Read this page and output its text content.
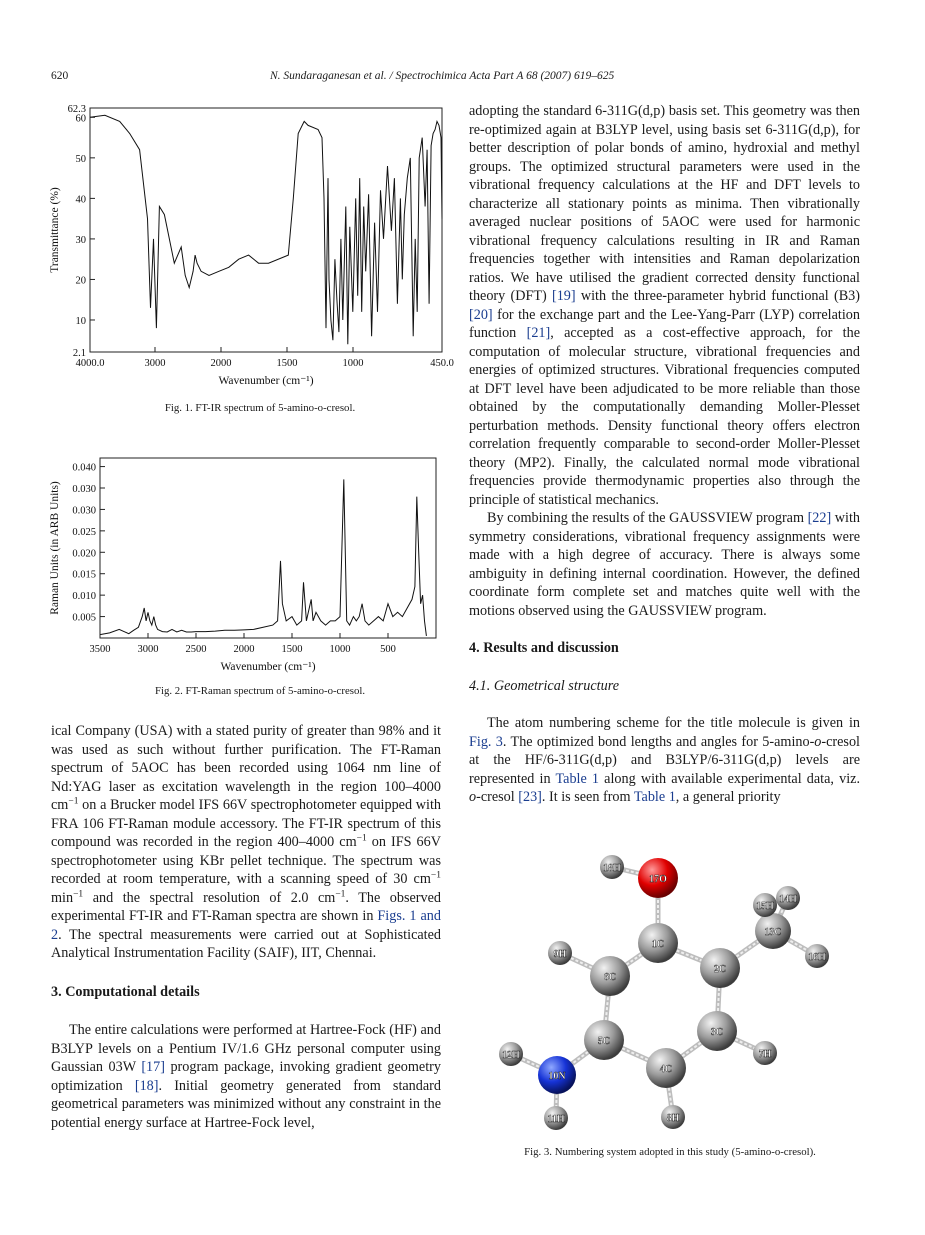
620	N. Sundaraganesan et al. / Spectrochimica Acta Part A 68 (2007) 619–625
62.3
60
50
40
30
20
10
2.1
4000.0	3000	2000	1500	1000	450.0
Wavenumber (cm⁻¹)
Transmittance (%)
Fig. 1. FT-IR spectrum of 5-amino-o-cresol.
0.040
0.030
0.030
0.025
0.020
0.015
0.010
0.005
3500	3000	2500	2000	1500	1000	500
Wavenumber (cm⁻¹)
Raman Units (in ARB Units)
Fig. 2. FT-Raman spectrum of 5-amino-o-cresol.

ical Company (USA) with a stated purity of greater than 98% and it was used as such without further purification. The FT-Raman spectrum of 5AOC has been recorded using 1064 nm line of Nd:YAG laser as excitation wavelength in the region 100–4000 $cm^{-1}$ on a Brucker model IFS 66V spectrophotometer equipped with FRA 106 FT-Raman module accessory. The FT-IR spectrum of this compound was recorded in the region 400–4000 $cm^{-1}$ on IFS 66V spectrophotometer using KBr pellet technique. The spectrum was recorded at room temperature, with a scanning speed of 30 $cm^{-1}$ $\min^{-1}$ and the spectral resolution of 2.0 $cm^{-1}$. The observed experimental FT-IR and FT-Raman spectra are shown in Figs. 1 and 2. The spectral measurements were carried out at Sophisticated Analytical Instrumentation Facility (SAIF), IIT, Chennai.

3. Computational details

The entire calculations were performed at Hartree-Fock (HF) and B3LYP levels on a Pentium IV/1.6 GHz personal computer using Gaussian 03W [17] program package, invoking gradient geometry optimization [18]. Initial geometry generated from standard geometrical parameters was minimized without any constraint in the potential energy surface at Hartree-Fock level,

adopting the standard 6-311G(d,p) basis set. This geometry was then re-optimized again at B3LYP level, using basis set 6-311G(d,p), for better description of polar bonds of amino, hydroxial and methyl groups. The optimized structural parameters were used in the vibrational frequency calculations at the HF and DFT levels to characterize all stationary points as minima. Then vibrationally averaged nuclear positions of 5AOC were used for harmonic vibrational frequency calculations resulting in IR and Raman frequencies together with intensities and Raman depolarization ratios. We have utilised the gradient corrected density functional theory (DFT) [19] with the three-parameter hybrid functional (B3) [20] for the exchange part and the Lee-Yang-Parr (LYP) correlation function [21], accepted as a cost-effective approach, for the computation of molecular structure, vibrational frequencies and energies of optimized structures. Vibrational frequencies computed at DFT level have been adjudicated to be more reliable than those obtained by the computationally demanding Moller-Plesset perturbation methods. Density functional theory offers electron correlation frequently comparable to second-order Moller-Plesset theory (MP2). Finally, the calculated normal mode vibrational frequencies provide thermodynamic properties also through the principle of statistical mechanics.

By combining the results of the GAUSSVIEW program [22] with symmetry considerations, vibrational frequency assignments were made with a high degree of accuracy. There is always some ambiguity in defining internal coordination. However, the defined coordinate form complete set and matches quite well with the motions observed using the GAUSSVIEW program.

4. Results and discussion
4.1. Geometrical structure

The atom numbering scheme for the title molecule is given in Fig. 3. The optimized bond lengths and angles for 5-amino-o-cresol at the HF/6-311G(d,p) and B3LYP/6-311G(d,p) levels are represented in Table 1 along with available experimental data, viz. o-cresol [23]. It is seen from Table 1, a general priority

1C
2C
3C
4C
5C
6C
7H
8H
9H
10N
11H
12H
13C
14H
15H
16H
17O
18H
Fig. 3. Numbering system adopted in this study (5-amino-o-cresol).
